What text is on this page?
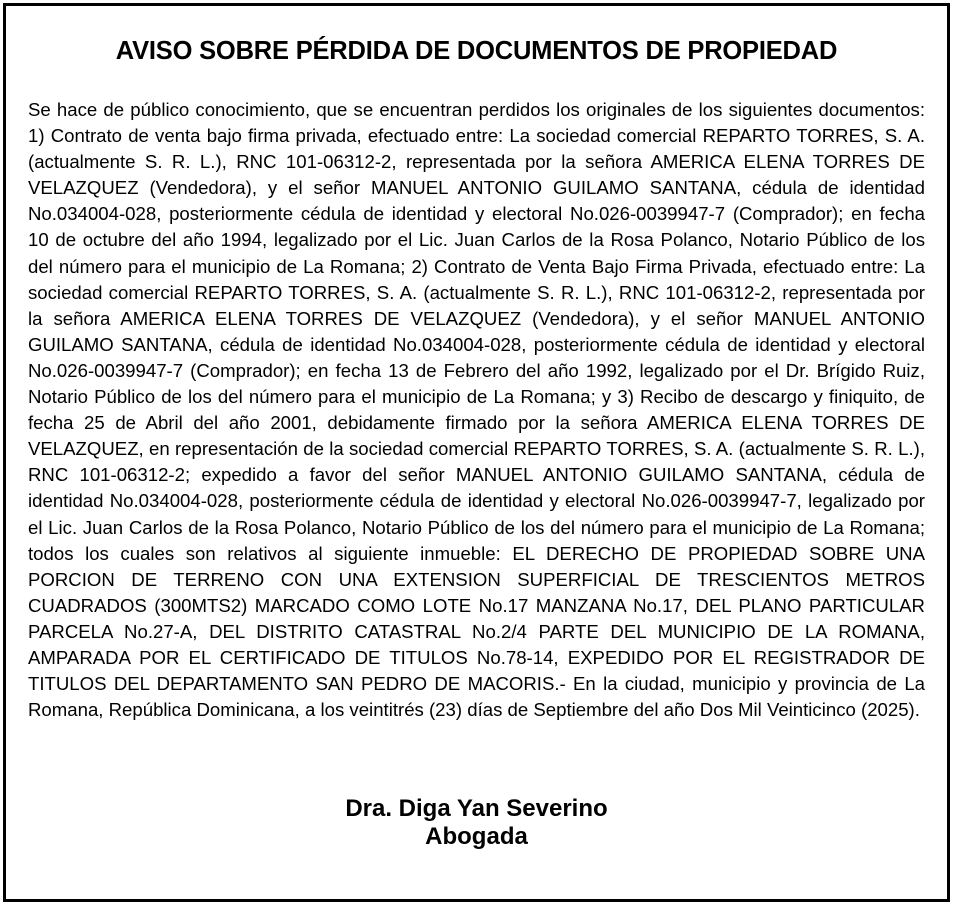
AVISO SOBRE PÉRDIDA DE DOCUMENTOS DE PROPIEDAD

Se hace de público conocimiento, que se encuentran perdidos los originales de los siguientes documentos: 1) Contrato de venta bajo firma privada, efectuado entre: La sociedad comercial REPARTO TORRES, S. A. (actualmente S. R. L.), RNC 101-06312-2, representada por la señora AMERICA ELENA TORRES DE VELAZQUEZ (Vendedora), y el señor MANUEL ANTONIO GUILAMO SANTANA, cédula de identidad No.034004-028, posteriormente cédula de identidad y electoral No.026-0039947-7 (Comprador); en fecha 10 de octubre del año 1994, legalizado por el Lic. Juan Carlos de la Rosa Polanco, Notario Público de los del número para el municipio de La Romana; 2) Contrato de Venta Bajo Firma Privada, efectuado entre: La sociedad comercial REPARTO TORRES, S. A. (actualmente S. R. L.), RNC 101-06312-2, representada por la señora AMERICA ELENA TORRES DE VELAZQUEZ (Vendedora), y el señor MANUEL ANTONIO GUILAMO SANTANA, cédula de identidad No.034004-028, posteriormente cédula de identidad y electoral No.026-0039947-7 (Comprador); en fecha 13 de Febrero del año 1992, legalizado por el Dr. Brígido Ruiz, Notario Público de los del número para el municipio de La Romana; y 3) Recibo de descargo y finiquito, de fecha 25 de Abril del año 2001, debidamente firmado por la señora AMERICA ELENA TORRES DE VELAZQUEZ, en representación de la sociedad comercial REPARTO TORRES, S. A. (actualmente S. R. L.), RNC 101-06312-2; expedido a favor del señor MANUEL ANTONIO GUILAMO SANTANA, cédula de identidad No.034004-028, posteriormente cédula de identidad y electoral No.026-0039947-7, legalizado por el Lic. Juan Carlos de la Rosa Polanco, Notario Público de los del número para el municipio de La Romana; todos los cuales son relativos al siguiente inmueble: EL DERECHO DE PROPIEDAD SOBRE UNA PORCION DE TERRENO CON UNA EXTENSION SUPERFICIAL DE TRESCIENTOS METROS CUADRADOS (300MTS2) MARCADO COMO LOTE No.17 MANZANA No.17, DEL PLANO PARTICULAR PARCELA No.27-A, DEL DISTRITO CATASTRAL No.2/4 PARTE DEL MUNICIPIO DE LA ROMANA, AMPARADA POR EL CERTIFICADO DE TITULOS No.78-14, EXPEDIDO POR EL REGISTRADOR DE TITULOS DEL DEPARTAMENTO SAN PEDRO DE MACORIS.- En la ciudad, municipio y provincia de La Romana, República Dominicana, a los veintitrés (23) días de Septiembre del año Dos Mil Veinticinco (2025).

Dra. Diga Yan Severino
Abogada
